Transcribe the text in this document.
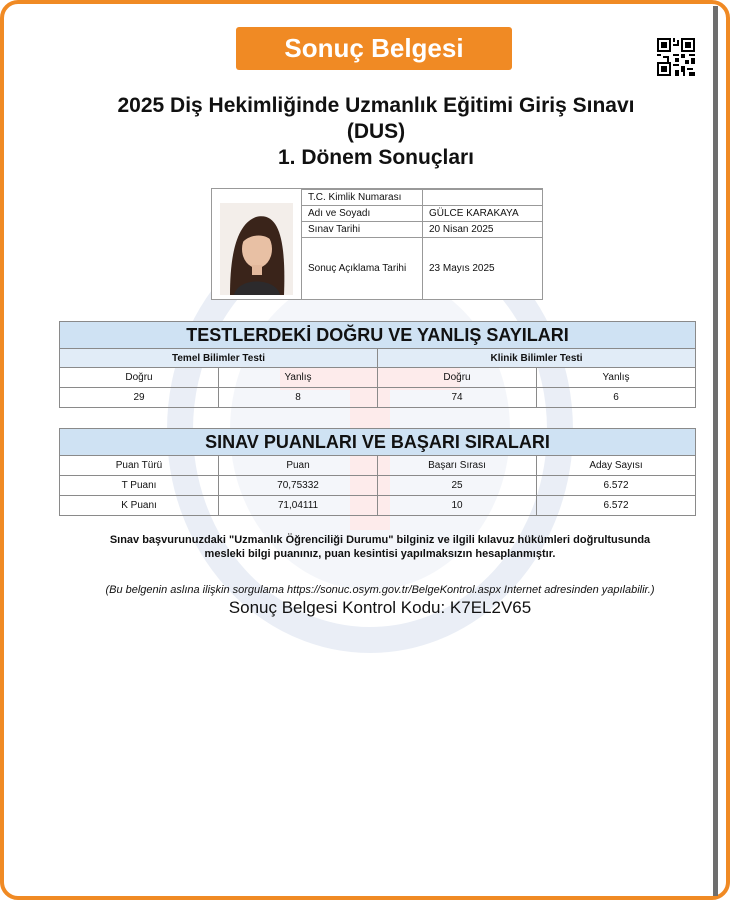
Sonuç Belgesi
2025 Diş Hekimliğinde Uzmanlık Eğitimi Giriş Sınavı
(DUS)
1. Dönem Sonuçları
T.C. Kimlik Numarası	
Adı ve Soyadı	GÜLCE KARAKAYA
Sınav Tarihi	20 Nisan 2025
Sonuç Açıklama Tarihi	23 Mayıs 2025
TESTLERDEKİ DOĞRU VE YANLIŞ SAYILARI			
Temel Bilimler Testi		Klinik Bilimler Testi	
Doğru	Yanlış	Doğru	Yanlış
29	8	74	6
SINAV PUANLARI VE BAŞARI SIRALARI			
Puan Türü	Puan	Başarı Sırası	Aday Sayısı
T Puanı	70,75332	25	6.572
K Puanı	71,04111	10	6.572
Sınav başvurunuzdaki "Uzmanlık Öğrenciliği Durumu" bilginiz ve ilgili kılavuz hükümleri doğrultusunda
mesleki bilgi puanınız, puan kesintisi yapılmaksızın hesaplanmıştır.
(Bu belgenin aslına ilişkin sorgulama https://sonuc.osym.gov.tr/BelgeKontrol.aspx Internet adresinden yapılabilir.)
Sonuç Belgesi Kontrol Kodu: K7EL2V65
